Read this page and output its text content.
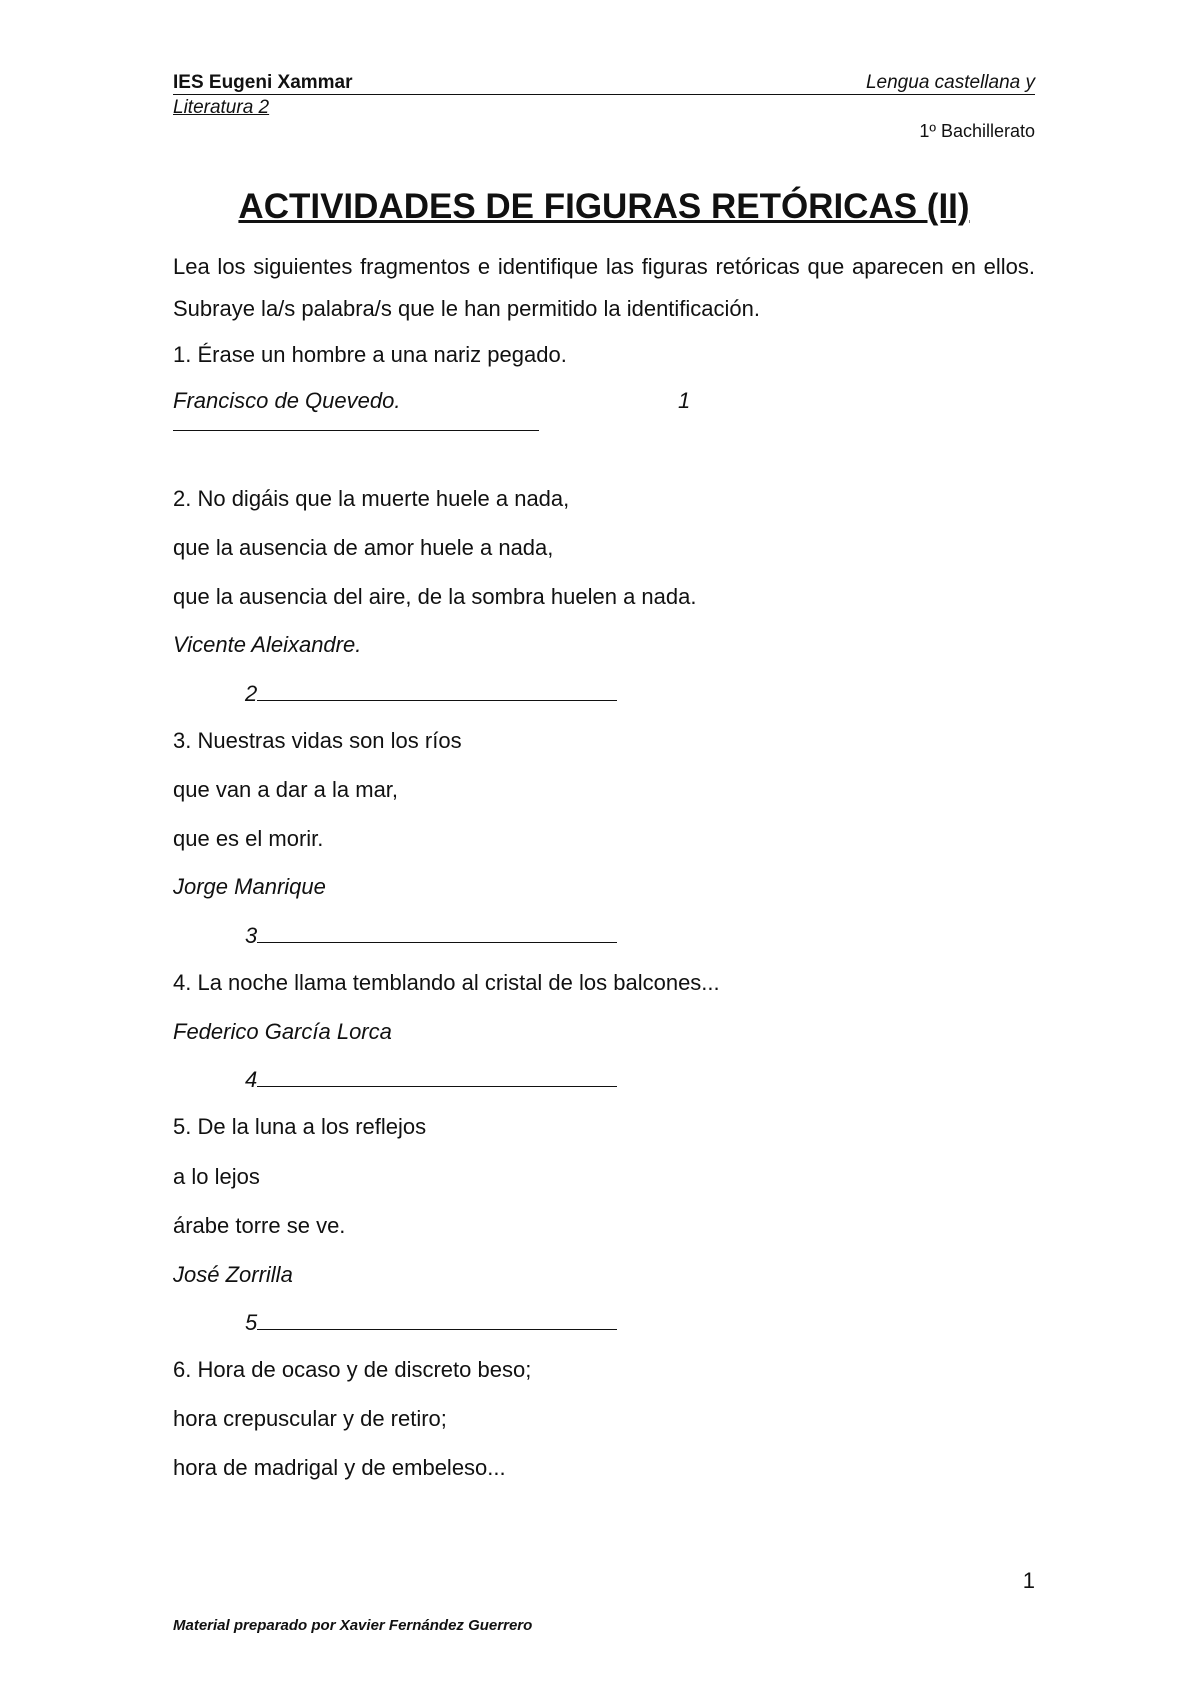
IES Eugeni Xammar	Lengua castellana y
Literatura 2
1º Bachillerato
ACTIVIDADES DE FIGURAS RETÓRICAS (II)
Lea los siguientes fragmentos e identifique las figuras retóricas que aparecen en ellos. Subraye la/s palabra/s que le han permitido la identificación.
1. Érase un hombre a una nariz pegado.
Francisco de Quevedo.	1
2. No digáis que la muerte huele a nada,
que la ausencia de amor huele a nada,
que la ausencia del aire, de la sombra huelen a nada.
Vicente Aleixandre.
2
3. Nuestras vidas son los ríos
que van a dar a la mar,
que es el morir.
Jorge Manrique
3
4. La noche llama temblando al cristal de los balcones...
Federico García Lorca
4
5. De la luna a los reflejos
a lo lejos
árabe torre se ve.
José Zorrilla
5
6. Hora de ocaso y de discreto beso;
hora crepuscular y de retiro;
hora de madrigal y de embeleso...
1
Material preparado por Xavier Fernández Guerrero
